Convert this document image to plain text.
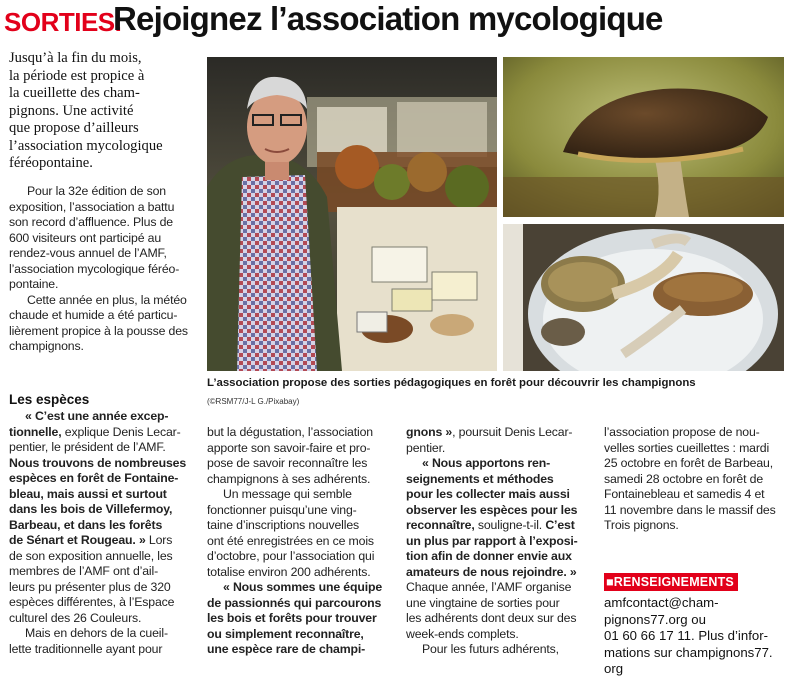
SORTIES.
Rejoignez l’association mycologique
Jusqu’à la fin du mois,
la période est propice à
la cueillette des cham-
pignons. Une activité
que propose d’ailleurs
l’association mycologique
féréopontaine.
Pour la 32e édition de son
exposition, l’association a battu
son record d’affluence. Plus de
600 visiteurs ont participé au
rendez-vous annuel de l’AMF,
l’association mycologique féréo-
pontaine.
Cette année en plus, la météo
chaude et humide a été particu-
lièrement propice à la pousse des
champignons.
Les espèces
« C’est une année excep-
tionnelle, explique Denis Lecar-
pentier, le président de l’AMF.
Nous trouvons de nombreuses
espèces en forêt de Fontaine-
bleau, mais aussi et surtout
dans les bois de Villefermoy,
Barbeau, et dans les forêts
de Sénart et Rougeau. » Lors
de son exposition annuelle, les
membres de l’AMF ont d’ail-
leurs pu présenter plus de 320
espèces différentes, à l’Espace
culturel des 26 Couleurs.
Mais en dehors de la cueil-
lette traditionnelle ayant pour
but la dégustation, l’association
apporte son savoir-faire et pro-
pose de savoir reconnaître les
champignons à ses adhérents.
Un message qui semble
fonctionner puisqu’une ving-
taine d’inscriptions nouvelles
ont été enregistrées en ce mois
d’octobre, pour l’association qui
totalise environ 200 adhérents.
« Nous sommes une équipe
de passionnés qui parcourons
les bois et forêts pour trouver
ou simplement reconnaître,
une espèce rare de champi-
gnons », poursuit Denis Lecar-
pentier.
« Nous apportons ren-
seignements et méthodes
pour les collecter mais aussi
observer les espèces pour les
reconnaître, souligne-t-il. C’est
un plus par rapport à l’exposi-
tion afin de donner envie aux
amateurs de nous rejoindre. »
Chaque année, l’AMF organise
une vingtaine de sorties pour
les adhérents dont deux sur des
week-ends complets.
Pour les futurs adhérents,
l’association propose de nou-
velles sorties cueillettes : mardi
25 octobre en forêt de Barbeau,
samedi 28 octobre en forêt de
Fontainebleau et samedis 4 et
11 novembre dans le massif des
Trois pignons.
■RENSEIGNEMENTS
amfcontact@cham-
pignons77.org ou
01 60 66 17 11. Plus d’infor-
mations sur champignons77.
org
L’association propose des sorties pédagogiques en forêt pour découvrir les champignons
(©RSM77/J-L G./Pixabay)
